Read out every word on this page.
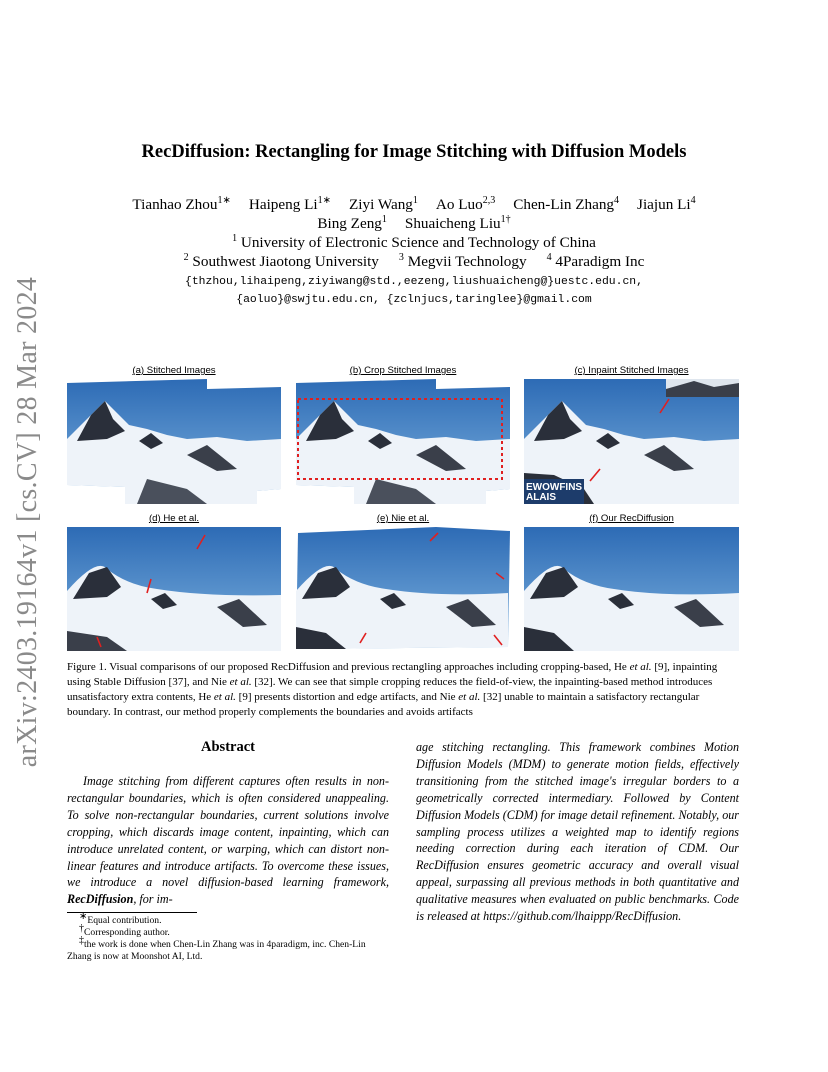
arXiv:2403.19164v1 [cs.CV] 28 Mar 2024
RecDiffusion: Rectangling for Image Stitching with Diffusion Models
Tianhao Zhou$^{1∗}$ Haipeng $Li^{1∗}$ Ziyi Wang$^1$ Ao Luo$^{2,3}$ Chen-Lin Zhang$^4$ Jiajun Li$^4$
Bing Zeng$^1$ Shuaicheng Liu$^{1\dagger}$
$^1$ University of Electronic Science and Technology of China
$^2$ Southwest Jiaotong University $^3$ Megvii Technology $^4$ 4Paradigm Inc
{thzhou,lihaipeng,ziyiwang@std.,eezeng,liushuaicheng@}uestc.edu.cn,
{aoluo}@swjtu.edu.cn, {zclnjucs,taringlee}@gmail.com
(a) Stitched Images	(b) Crop Stitched Images	(c) Inpaint Stitched Images
EWOWFINS ALAIS
(d) He et al.	(e) Nie et al.	(f) Our RecDiffusion
Figure 1. Visual comparisons of our proposed RecDiffusion and previous rectangling approaches including cropping-based, He et al. [9], inpainting using Stable Diffusion [37], and Nie et al. [32]. We can see that simple cropping reduces the field-of-view, the inpainting-based method introduces unsatisfactory extra contents, He et al. [9] presents distortion and edge artifacts, and Nie et al. [32] unable to maintain a satisfactory rectangular boundary. In contrast, our method properly complements the boundaries and avoids artifacts
Abstract
Image stitching from different captures often results in non-rectangular boundaries, which is often considered unappealing. To solve non-rectangular boundaries, current solutions involve cropping, which discards image content, inpainting, which can introduce unrelated content, or warping, which can distort non-linear features and introduce artifacts. To overcome these issues, we introduce a novel diffusion-based learning framework, RecDiffusion, for im-
age stitching rectangling. This framework combines Motion Diffusion Models (MDM) to generate motion fields, effectively transitioning from the stitched image's irregular borders to a geometrically corrected intermediary. Followed by Content Diffusion Models (CDM) for image detail refinement. Notably, our sampling process utilizes a weighted map to identify regions needing correction during each iteration of CDM. Our RecDiffusion ensures geometric accuracy and overall visual appeal, surpassing all previous methods in both quantitative and qualitative measures when evaluated on public benchmarks. Code is released at https://github.com/lhaippp/RecDiffusion.

∗Equal contribution.

†Corresponding author.

‡the work is done when Chen-Lin Zhang was in 4paradigm, inc. Chen-Lin Zhang is now at Moonshot AI, Ltd.
